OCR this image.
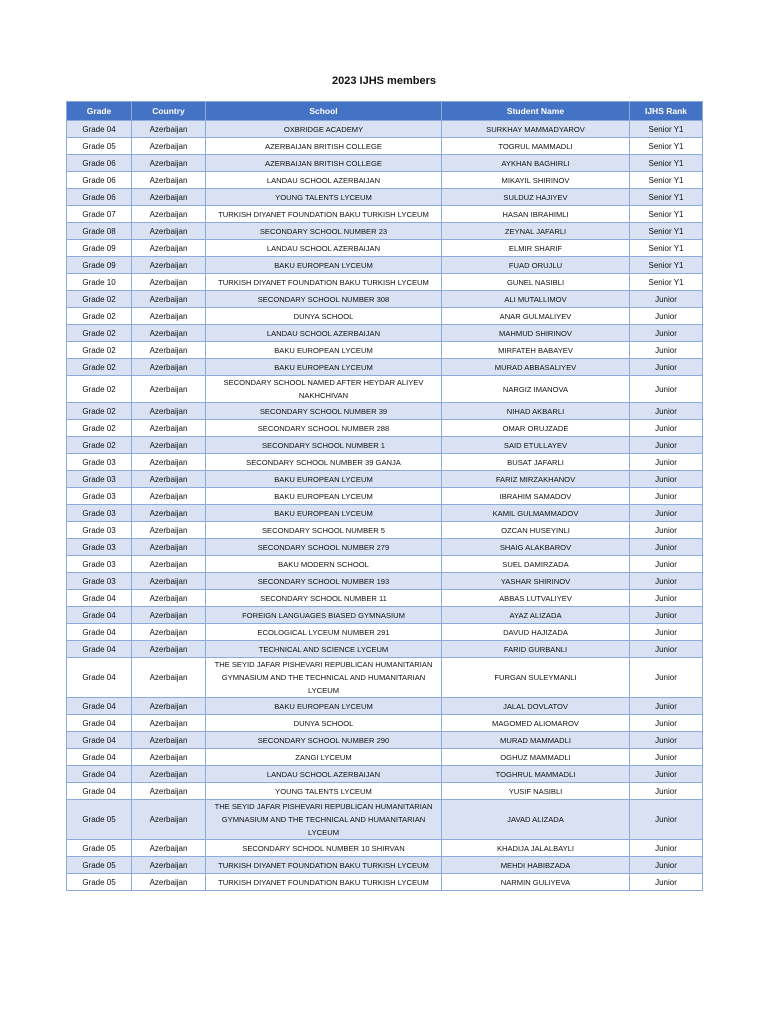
2023 IJHS members
Grade	Country	School	Student Name	IJHS Rank
Grade 04	Azerbaijan	OXBRIDGE ACADEMY	SURKHAY MAMMADYAROV	Senior Y1
Grade 05	Azerbaijan	AZERBAIJAN BRITISH COLLEGE	TOGRUL MAMMADLI	Senior Y1
Grade 06	Azerbaijan	AZERBAIJAN BRITISH COLLEGE	AYKHAN BAGHIRLI	Senior Y1
Grade 06	Azerbaijan	LANDAU SCHOOL AZERBAIJAN	MIKAYIL SHIRINOV	Senior Y1
Grade 06	Azerbaijan	YOUNG TALENTS LYCEUM	SULDUZ HAJIYEV	Senior Y1
Grade 07	Azerbaijan	TURKISH DIYANET FOUNDATION BAKU TURKISH LYCEUM	HASAN IBRAHIMLI	Senior Y1
Grade 08	Azerbaijan	SECONDARY SCHOOL NUMBER 23	ZEYNAL JAFARLI	Senior Y1
Grade 09	Azerbaijan	LANDAU SCHOOL AZERBAIJAN	ELMIR SHARIF	Senior Y1
Grade 09	Azerbaijan	BAKU EUROPEAN LYCEUM	FUAD ORUJLU	Senior Y1
Grade 10	Azerbaijan	TURKISH DIYANET FOUNDATION BAKU TURKISH LYCEUM	GUNEL NASIBLI	Senior Y1
Grade 02	Azerbaijan	SECONDARY SCHOOL NUMBER 308	ALI MUTALLIMOV	Junior
Grade 02	Azerbaijan	DUNYA SCHOOL	ANAR GULMALIYEV	Junior
Grade 02	Azerbaijan	LANDAU SCHOOL AZERBAIJAN	MAHMUD SHIRINOV	Junior
Grade 02	Azerbaijan	BAKU EUROPEAN LYCEUM	MIRFATEH BABAYEV	Junior
Grade 02	Azerbaijan	BAKU EUROPEAN LYCEUM	MURAD ABBASALIYEV	Junior
Grade 02	Azerbaijan	SECONDARY SCHOOL NAMED AFTER HEYDAR ALIYEV NAKHCHIVAN	NARGIZ IMANOVA	Junior
Grade 02	Azerbaijan	SECONDARY SCHOOL NUMBER 39	NIHAD AKBARLI	Junior
Grade 02	Azerbaijan	SECONDARY SCHOOL NUMBER 288	OMAR ORUJZADE	Junior
Grade 02	Azerbaijan	SECONDARY SCHOOL NUMBER 1	SAID ETULLAYEV	Junior
Grade 03	Azerbaijan	SECONDARY SCHOOL NUMBER 39 GANJA	BUSAT JAFARLI	Junior
Grade 03	Azerbaijan	BAKU EUROPEAN LYCEUM	FARIZ MIRZAKHANOV	Junior
Grade 03	Azerbaijan	BAKU EUROPEAN LYCEUM	IBRAHIM SAMADOV	Junior
Grade 03	Azerbaijan	BAKU EUROPEAN LYCEUM	KAMIL GULMAMMADOV	Junior
Grade 03	Azerbaijan	SECONDARY SCHOOL NUMBER 5	OZCAN HUSEYINLI	Junior
Grade 03	Azerbaijan	SECONDARY SCHOOL NUMBER 279	SHAIG ALAKBAROV	Junior
Grade 03	Azerbaijan	BAKU MODERN SCHOOL	SUEL DAMIRZADA	Junior
Grade 03	Azerbaijan	SECONDARY SCHOOL NUMBER 193	YASHAR SHIRINOV	Junior
Grade 04	Azerbaijan	SECONDARY SCHOOL NUMBER 11	ABBAS LUTVALIYEV	Junior
Grade 04	Azerbaijan	FOREIGN LANGUAGES BIASED GYMNASIUM	AYAZ ALIZADA	Junior
Grade 04	Azerbaijan	ECOLOGICAL LYCEUM NUMBER 291	DAVUD HAJIZADA	Junior
Grade 04	Azerbaijan	TECHNICAL AND SCIENCE LYCEUM	FARID GURBANLI	Junior
Grade 04	Azerbaijan	THE SEYID JAFAR PISHEVARI REPUBLICAN HUMANITARIAN GYMNASIUM AND THE TECHNICAL AND HUMANITARIAN LYCEUM	FURGAN SULEYMANLI	Junior
Grade 04	Azerbaijan	BAKU EUROPEAN LYCEUM	JALAL DOVLATOV	Junior
Grade 04	Azerbaijan	DUNYA SCHOOL	MAGOMED ALIOMAROV	Junior
Grade 04	Azerbaijan	SECONDARY SCHOOL NUMBER 290	MURAD MAMMADLI	Junior
Grade 04	Azerbaijan	ZANGI LYCEUM	OGHUZ MAMMADLI	Junior
Grade 04	Azerbaijan	LANDAU SCHOOL AZERBAIJAN	TOGHRUL MAMMADLI	Junior
Grade 04	Azerbaijan	YOUNG TALENTS LYCEUM	YUSIF NASIBLI	Junior
Grade 05	Azerbaijan	THE SEYID JAFAR PISHEVARI REPUBLICAN HUMANITARIAN GYMNASIUM AND THE TECHNICAL AND HUMANITARIAN LYCEUM	JAVAD ALIZADA	Junior
Grade 05	Azerbaijan	SECONDARY SCHOOL NUMBER 10 SHIRVAN	KHADIJA JALALBAYLI	Junior
Grade 05	Azerbaijan	TURKISH DIYANET FOUNDATION BAKU TURKISH LYCEUM	MEHDI HABIBZADA	Junior
Grade 05	Azerbaijan	TURKISH DIYANET FOUNDATION BAKU TURKISH LYCEUM	NARMIN GULIYEVA	Junior
